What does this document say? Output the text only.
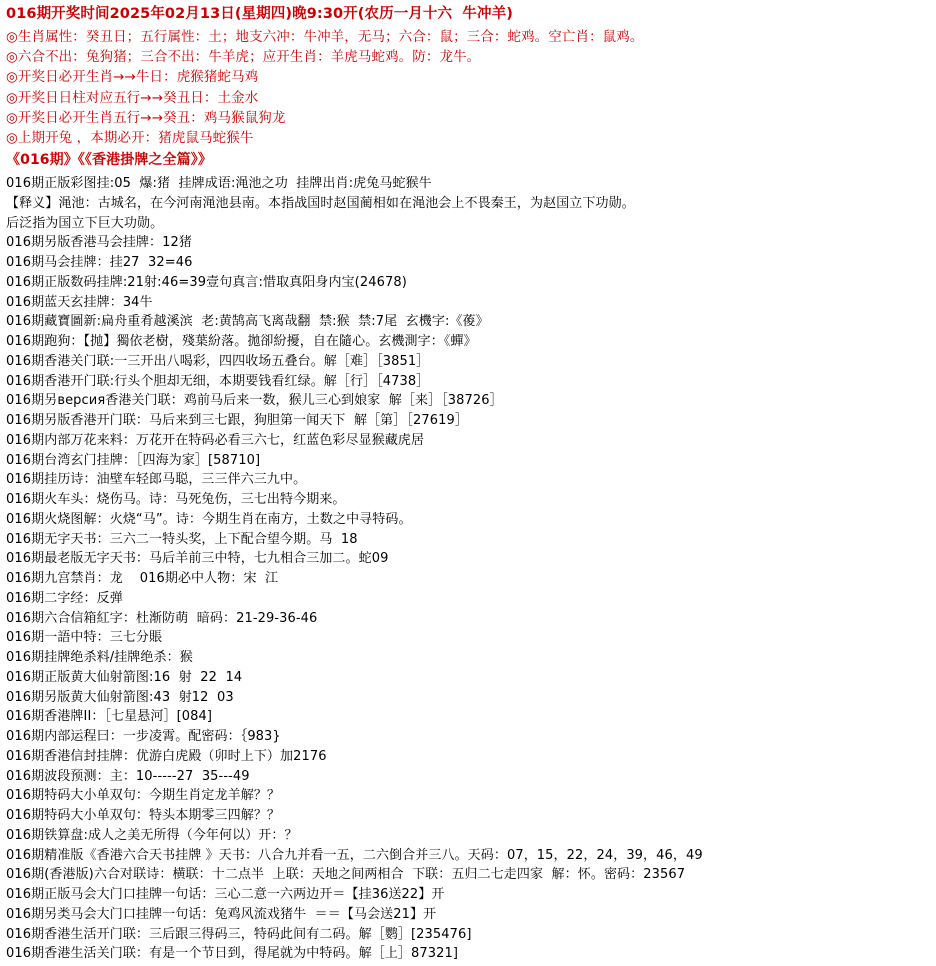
016期开奖时间2025年02月13日(星期四)晚9:30开(农历一月十六  牛冲羊)
◎生肖属性：癸丑日；五行属性：土；地支六冲：牛冲羊，无马；六合：鼠；三合：蛇鸡。空亡肖：鼠鸡。
◎六合不出：兔狗猪；三合不出：牛羊虎；应开生肖：羊虎马蛇鸡。防：龙牛。
◎开奖日必开生肖→→牛日：虎猴猪蛇马鸡
◎开奖日日柱对应五行→→癸丑日：土金水
◎开奖日必开生肖五行→→癸丑：鸡马猴鼠狗龙
◎上期开兔 ，本期必开：猪虎鼠马蛇猴牛
《016期》《《香港掛牌之全篇》》
016期正版彩图挂:05  爆:猪  挂牌成语:渑池之功  挂牌出肖:虎兔马蛇猴牛
【释义】渑池：古城名，在今河南渑池县南。本指战国时赵国蔺相如在渑池会上不畏秦王，为赵国立下功勋。
后泛指为国立下巨大功勋。
016期另版香港马会挂牌：12猪
016期马会挂牌：挂27  32=46
016期正版数码挂牌:21射:46=39壹句真言:惜取真阳身内宝(24678)
016期蓝天玄挂牌：34牛
016期藏寶圖新:扁舟重肴越溪滨  老:黄鹄高飞离哉翻  禁:猴  禁:7尾  玄機字:《葰》
016期跑狗：【抛】獨依老樹，殘葉紛落。拋卻紛擾，自在隨心。玄機測字：《蟬》
016期香港关门联:一三开出八喝彩，四四收场五叠台。解［难］［3851］
016期香港开门联:行头个胆却无细，本期要钱看红绿。解［行］［4738］
016期另версия香港关门联：鸡前马后来一数，猴儿三心到娘家  解［来］［38726］
016期另版香港开门联：马后来到三七跟，狗胆第一闻天下  解［第］［27619］
016期内部万花来料：万花开在特码必看三六七，红蓝色彩尽显猴藏虎居
016期台湾玄门挂牌：［四海为家］[58710]
016期挂历诗：油壁车轻郎马聪，三三伴六三九中。
016期火车头：烧伤马。诗：马死兔伤，三七出特今期来。
016期火烧图解：火烧“马”。诗：今期生肖在南方，土数之中寻特码。
016期无字天书：三六二一特头奖，上下配合望今期。马  18
016期最老版无字天书：马后羊前三中特，七九相合三加二。蛇09
016期九宫禁肖：龙    016期必中人物：宋  江
016期二字经：反弹
016期六合信箱紅字：杜渐防萌  暗码：21-29-36-46
016期一語中特：三七分賬
016期挂牌绝杀料/挂牌绝杀：猴
016期正版黄大仙射箭图:16  射  22  14
016期另版黄大仙射箭图:43  射12  03
016期香港牌II：［七星悬河］[084]
016期内部运程曰：一步凌霄。配密码：｛983}
016期香港信封挂牌：优游白虎殿（卯时上下）加2176
016期波段预测：主：10-----27  35---49
016期特码大小单双句：今期生肖定龙羊解？？
016期特码大小单双句：特头本期零三四解？？
016期铁算盘:成人之美无所得（今年何以）开：？
016期精准版《香港六合天书挂牌 》天书：八合九并看一五，二六倒合并三八。天码：07，15，22，24，39，46，49
016期(香港版)六合对联诗：横联：十二点半  上联：天地之间两相合  下联：五归二七走四家  解：怀。密码：23567
016期正版马会大门口挂牌一句话：三心二意一六两边开＝【挂36送22】开
016期另类马会大门口挂牌一句话：兔鸡风流戏猪牛  ＝＝【马会送21】开
016期香港生活开门联：三后跟三得码三，特码此间有二码。解［鹦］[235476]
016期香港生活关门联：有是一个节日到，得尾就为中特码。解［上］87321]
